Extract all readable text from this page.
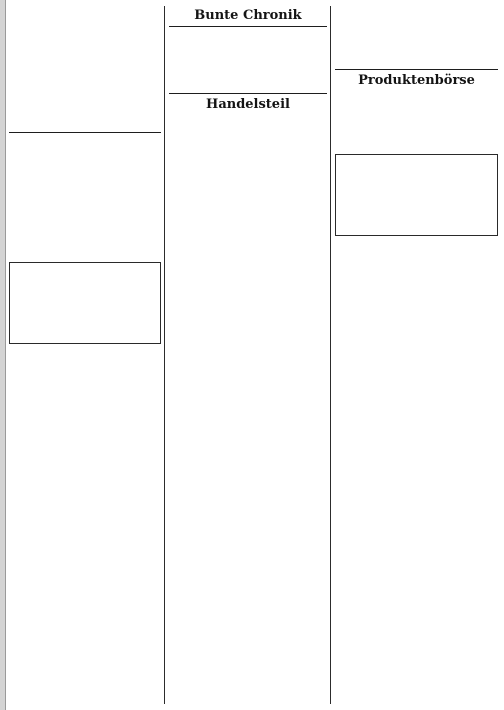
Bunte Chronik

Handelsteil

Produktenbörse
